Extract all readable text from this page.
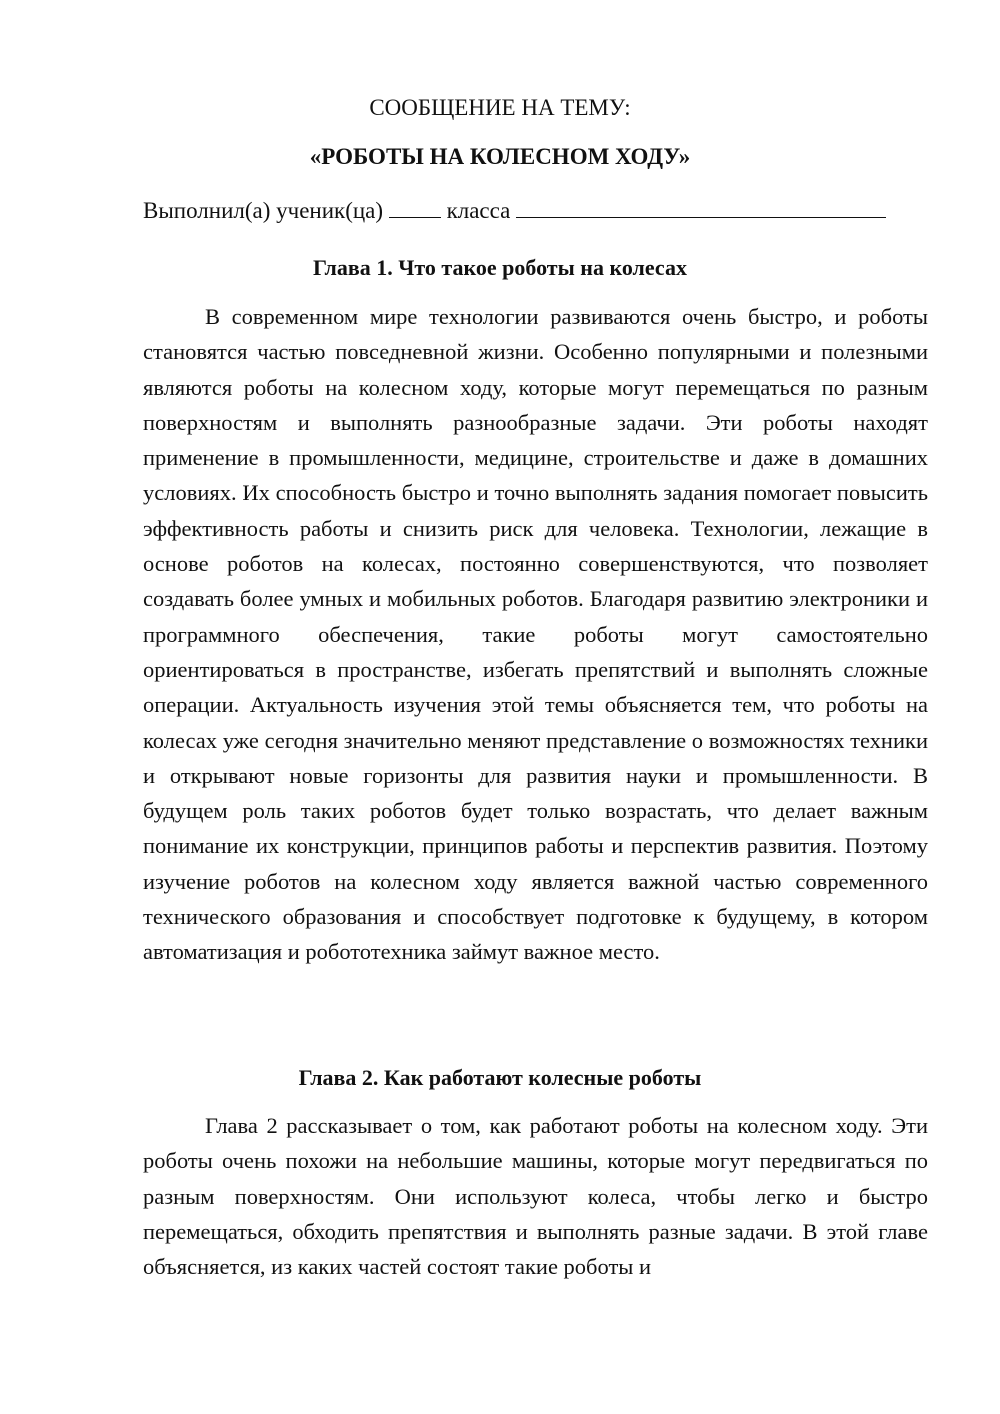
СООБЩЕНИЕ НА ТЕМУ:
«РОБОТЫ НА КОЛЕСНОМ ХОДУ»
Выполнил(а) ученик(ца)	класса
Глава 1. Что такое роботы на колесах

В современном мире технологии развиваются очень быстро, и роботы становятся частью повседневной жизни. Особенно популярными и полезными являются роботы на колесном ходу, которые могут перемещаться по разным поверхностям и выполнять разнообразные задачи. Эти роботы находят применение в промышленности, медицине, строительстве и даже в домашних условиях. Их способность быстро и точно выполнять задания помогает повысить эффективность работы и снизить риск для человека. Технологии, лежащие в основе роботов на колесах, постоянно совершенствуются, что позволяет создавать более умных и мобильных роботов. Благодаря развитию электроники и программного обеспечения, такие роботы могут самостоятельно ориентироваться в пространстве, избегать препятствий и выполнять сложные операции. Актуальность изучения этой темы объясняется тем, что роботы на колесах уже сегодня значительно меняют представление о возможностях техники и открывают новые горизонты для развития науки и промышленности. В будущем роль таких роботов будет только возрастать, что делает важным понимание их конструкции, принципов работы и перспектив развития. Поэтому изучение роботов на колесном ходу является важной частью современного технического образования и способствует подготовке к будущему, в котором автоматизация и робототехника займут важное место.

Глава 2. Как работают колесные роботы

Глава 2 рассказывает о том, как работают роботы на колесном ходу. Эти роботы очень похожи на небольшие машины, которые могут передвигаться по разным поверхностям. Они используют колеса, чтобы легко и быстро перемещаться, обходить препятствия и выполнять разные задачи. В этой главе объясняется, из каких частей состоят такие роботы и
